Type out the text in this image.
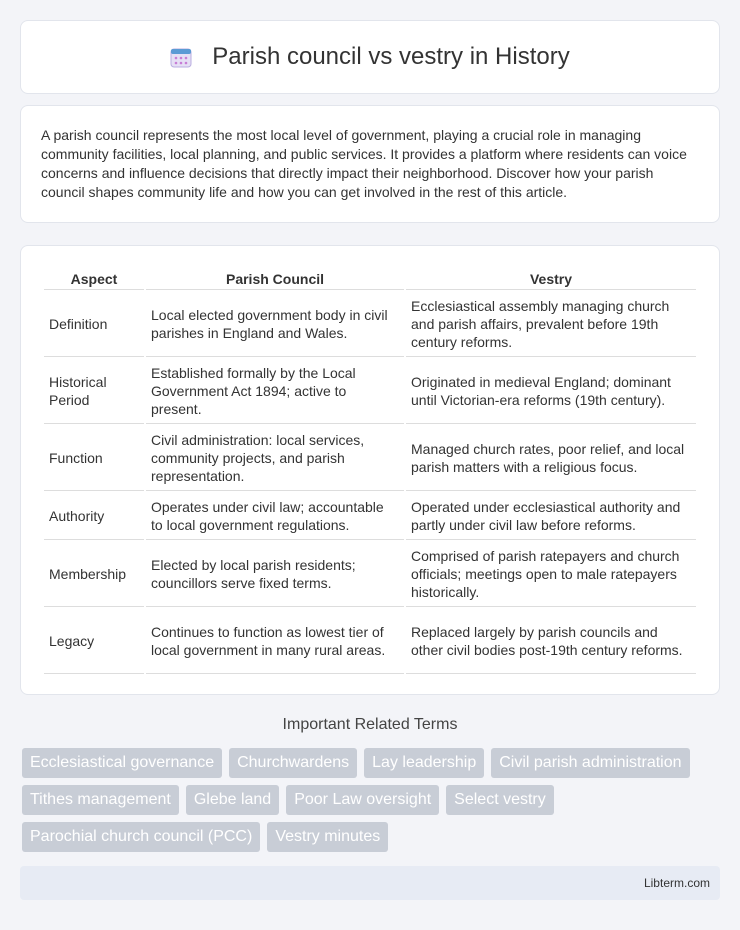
Parish council vs vestry in History

A parish council represents the most local level of government, playing a crucial role in managing community facilities, local planning, and public services. It provides a platform where residents can voice concerns and influence decisions that directly impact their neighborhood. Discover how your parish council shapes community life and how you can get involved in the rest of this article.

Aspect	Parish Council	Vestry
Definition	Local elected government body in civil parishes in England and Wales.	Ecclesiastical assembly managing church and parish affairs, prevalent before 19th century reforms.
Historical Period	Established formally by the Local Government Act 1894; active to present.	Originated in medieval England; dominant until Victorian-era reforms (19th century).
Function	Civil administration: local services, community projects, and parish representation.	Managed church rates, poor relief, and local parish matters with a religious focus.
Authority	Operates under civil law; accountable to local government regulations.	Operated under ecclesiastical authority and partly under civil law before reforms.
Membership	Elected by local parish residents; councillors serve fixed terms.	Comprised of parish ratepayers and church officials; meetings open to male ratepayers historically.
Legacy	Continues to function as lowest tier of local government in many rural areas.	Replaced largely by parish councils and other civil bodies post-19th century reforms.
Important Related Terms
Ecclesiastical governance	Churchwardens	Lay leadership	Civil parish administration
Tithes management	Glebe land	Poor Law oversight	Select vestry
Parochial church council (PCC)	Vestry minutes
Libterm.com
